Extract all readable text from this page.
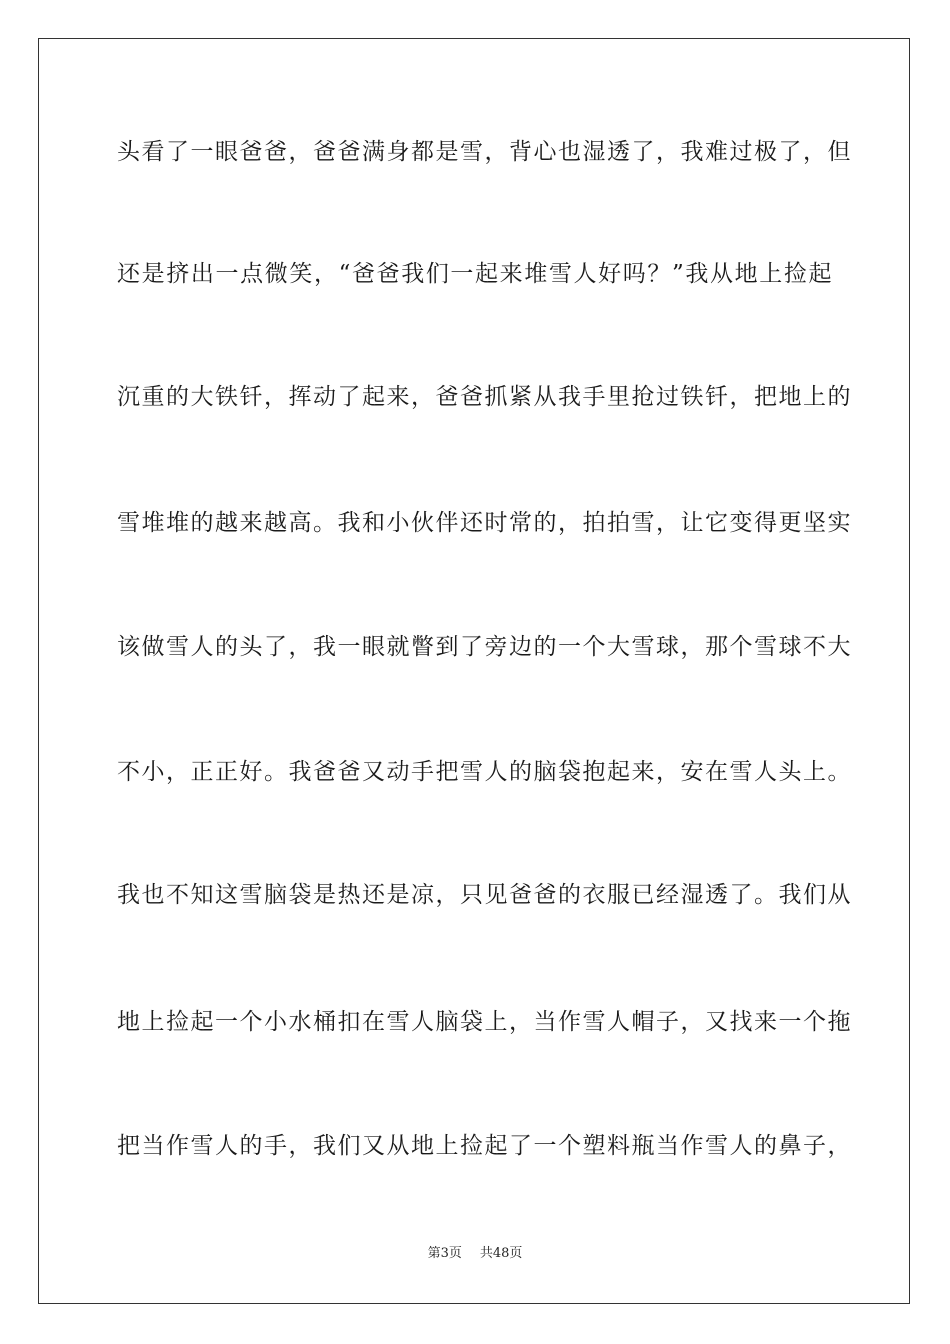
头看了一眼爸爸，爸爸满身都是雪，背心也湿透了，我难过极了，但
还是挤出一点微笑，“爸爸我们一起来堆雪人好吗？”我从地上捡起
沉重的大铁钎，挥动了起来，爸爸抓紧从我手里抢过铁钎，把地上的
雪堆堆的越来越高。我和小伙伴还时常的，拍拍雪，让它变得更坚实
该做雪人的头了，我一眼就瞥到了旁边的一个大雪球，那个雪球不大
不小，正正好。我爸爸又动手把雪人的脑袋抱起来，安在雪人头上。
我也不知这雪脑袋是热还是凉，只见爸爸的衣服已经湿透了。我们从
地上捡起一个小水桶扣在雪人脑袋上，当作雪人帽子，又找来一个拖
把当作雪人的手，我们又从地上捡起了一个塑料瓶当作雪人的鼻子，
第3页 共48页
